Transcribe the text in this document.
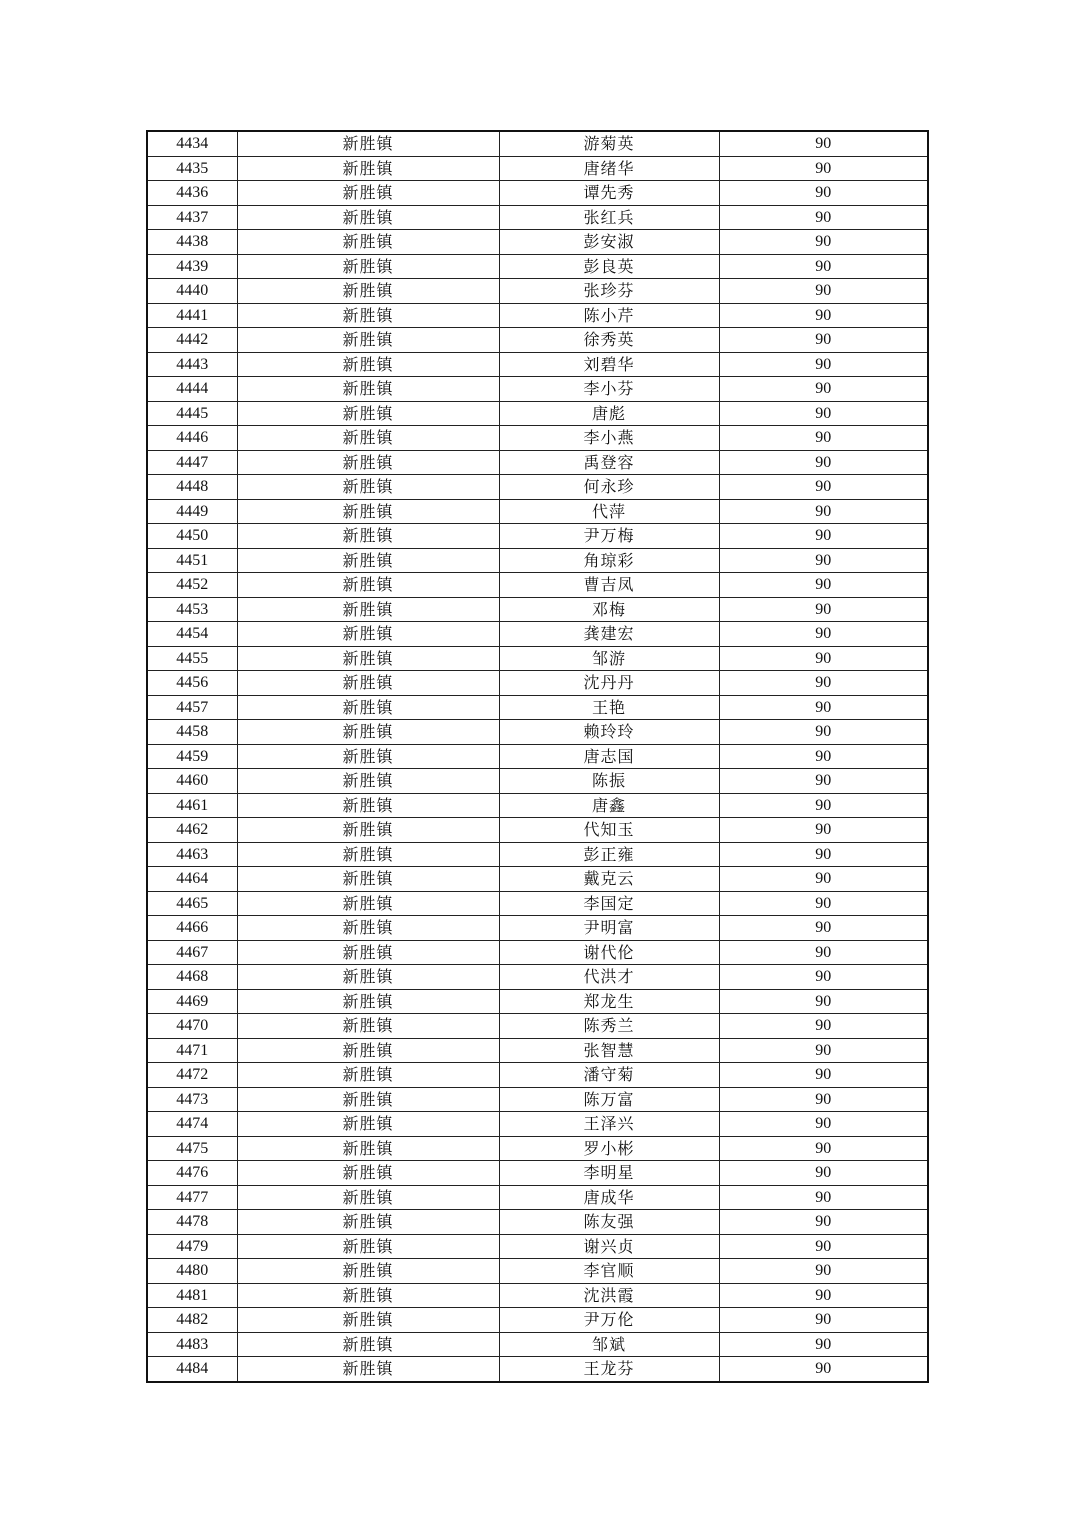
4434	新胜镇	游菊英	90
4435	新胜镇	唐绪华	90
4436	新胜镇	谭先秀	90
4437	新胜镇	张红兵	90
4438	新胜镇	彭安淑	90
4439	新胜镇	彭良英	90
4440	新胜镇	张珍芬	90
4441	新胜镇	陈小芹	90
4442	新胜镇	徐秀英	90
4443	新胜镇	刘碧华	90
4444	新胜镇	李小芬	90
4445	新胜镇	唐彪	90
4446	新胜镇	李小燕	90
4447	新胜镇	禹登容	90
4448	新胜镇	何永珍	90
4449	新胜镇	代萍	90
4450	新胜镇	尹万梅	90
4451	新胜镇	角琼彩	90
4452	新胜镇	曹吉凤	90
4453	新胜镇	邓梅	90
4454	新胜镇	龚建宏	90
4455	新胜镇	邹游	90
4456	新胜镇	沈丹丹	90
4457	新胜镇	王艳	90
4458	新胜镇	赖玲玲	90
4459	新胜镇	唐志国	90
4460	新胜镇	陈振	90
4461	新胜镇	唐鑫	90
4462	新胜镇	代知玉	90
4463	新胜镇	彭正雍	90
4464	新胜镇	戴克云	90
4465	新胜镇	李国定	90
4466	新胜镇	尹明富	90
4467	新胜镇	谢代伦	90
4468	新胜镇	代洪才	90
4469	新胜镇	郑龙生	90
4470	新胜镇	陈秀兰	90
4471	新胜镇	张智慧	90
4472	新胜镇	潘守菊	90
4473	新胜镇	陈万富	90
4474	新胜镇	王泽兴	90
4475	新胜镇	罗小彬	90
4476	新胜镇	李明星	90
4477	新胜镇	唐成华	90
4478	新胜镇	陈友强	90
4479	新胜镇	谢兴贞	90
4480	新胜镇	李官顺	90
4481	新胜镇	沈洪霞	90
4482	新胜镇	尹万伦	90
4483	新胜镇	邹斌	90
4484	新胜镇	王龙芬	90
